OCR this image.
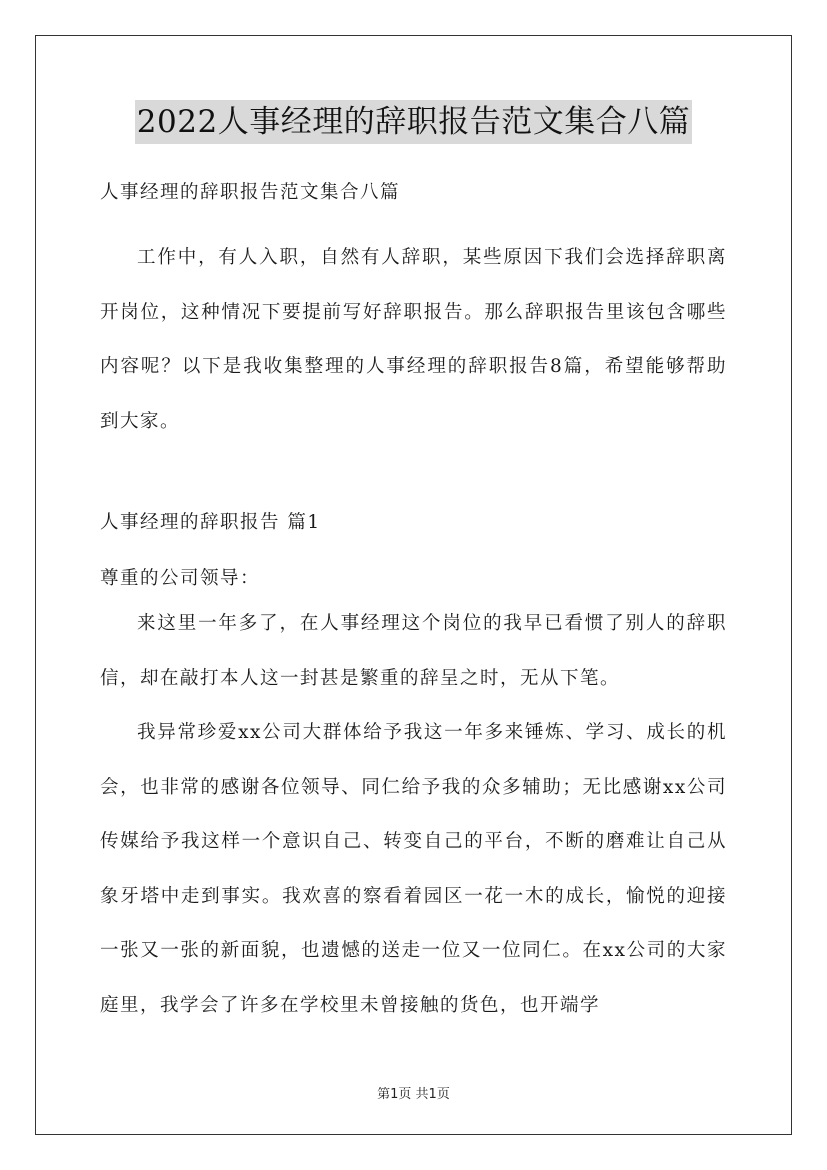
2022人事经理的辞职报告范文集合八篇

人事经理的辞职报告范文集合八篇

工作中，有人入职，自然有人辞职，某些原因下我们会选择辞职离开岗位，这种情况下要提前写好辞职报告。那么辞职报告里该包含哪些内容呢？以下是我收集整理的人事经理的辞职报告8篇，希望能够帮助到大家。

人事经理的辞职报告 篇1

尊重的公司领导：

来这里一年多了，在人事经理这个岗位的我早已看惯了别人的辞职信，却在敲打本人这一封甚是繁重的辞呈之时，无从下笔。

我异常珍爱xx公司大群体给予我这一年多来锤炼、学习、成长的机会，也非常的感谢各位领导、同仁给予我的众多辅助；无比感谢xx公司传媒给予我这样一个意识自己、转变自己的平台，不断的磨难让自己从象牙塔中走到事实。我欢喜的察看着园区一花一木的成长，愉悦的迎接一张又一张的新面貌，也遗憾的送走一位又一位同仁。在xx公司的大家庭里，我学会了许多在学校里未曾接触的货色，也开端学

第1页 共1页
